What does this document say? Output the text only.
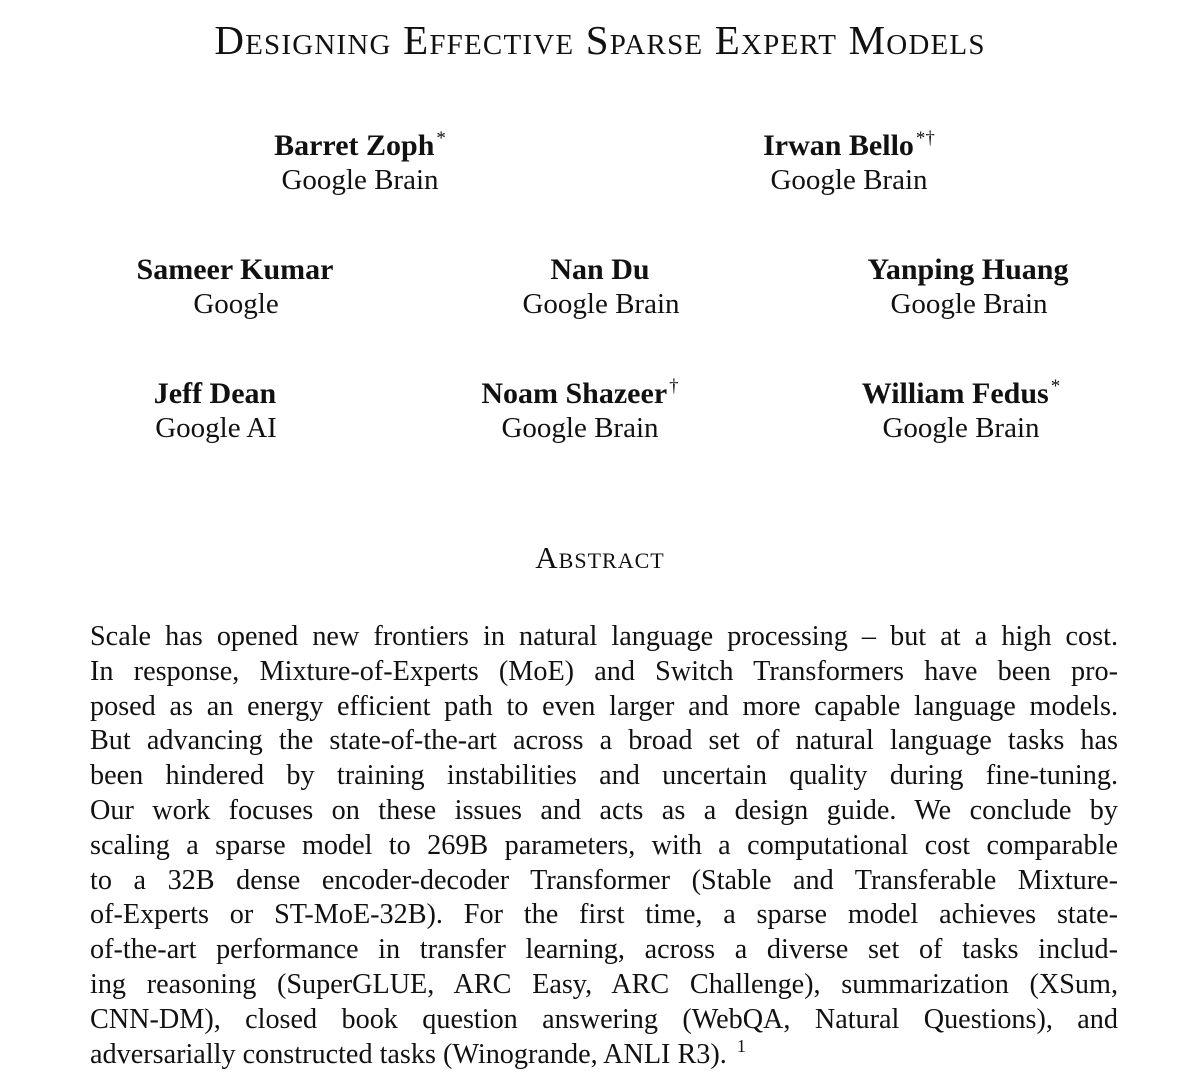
Designing Effective Sparse Expert Models
Barret Zoph *
Google Brain
Irwan Bello *†
Google Brain
Sameer Kumar
Google
Nan Du
Google Brain
Yanping Huang
Google Brain
Jeff Dean
Google AI
Noam Shazeer †
Google Brain
William Fedus *
Google Brain
Abstract
Scale has opened new frontiers in natural language processing – but at a high cost.
In response, Mixture-of-Experts (MoE) and Switch Transformers have been pro-
posed as an energy efficient path to even larger and more capable language models.
But advancing the state-of-the-art across a broad set of natural language tasks has
been hindered by training instabilities and uncertain quality during fine-tuning.
Our work focuses on these issues and acts as a design guide. We conclude by
scaling a sparse model to 269B parameters, with a computational cost comparable
to a 32B dense encoder-decoder Transformer (Stable and Transferable Mixture-
of-Experts or ST-MoE-32B). For the first time, a sparse model achieves state-
of-the-art performance in transfer learning, across a diverse set of tasks includ-
ing reasoning (SuperGLUE, ARC Easy, ARC Challenge), summarization (XSum,
CNN-DM), closed book question answering (WebQA, Natural Questions), and
adversarially constructed tasks (Winogrande, ANLI R3). $^1$
